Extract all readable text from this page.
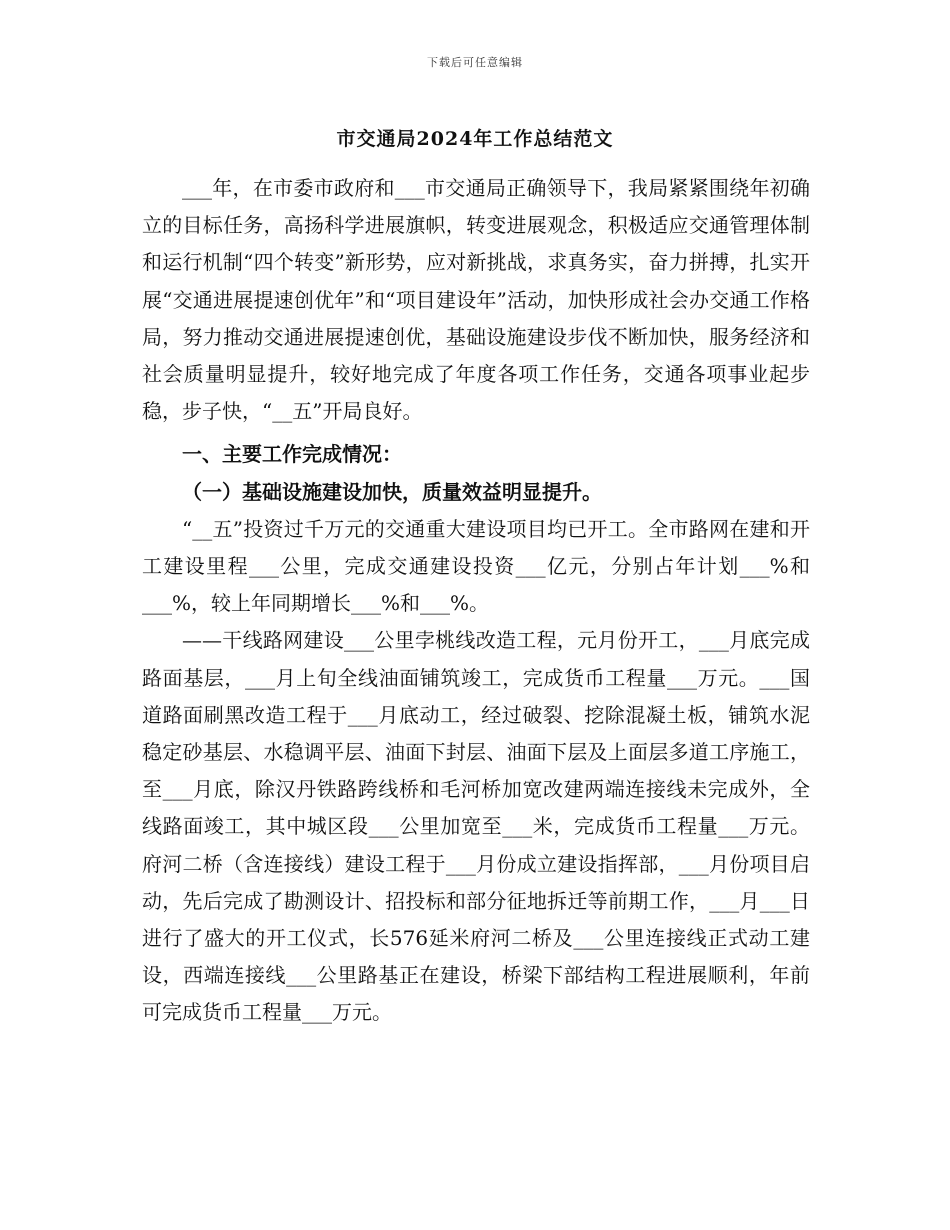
下载后可任意编辑
市交通局2024年工作总结范文

___年，在市委市政府和___市交通局正确领导下，我局紧紧围绕年初确立的目标任务，高扬科学进展旗帜，转变进展观念，积极适应交通管理体制和运行机制“四个转变”新形势，应对新挑战，求真务实，奋力拼搏，扎实开展“交通进展提速创优年”和“项目建设年”活动，加快形成社会办交通工作格局，努力推动交通进展提速创优，基础设施建设步伐不断加快，服务经济和社会质量明显提升，较好地完成了年度各项工作任务，交通各项事业起步稳，步子快，“__五”开局良好。

一、主要工作完成情况：

（一）基础设施建设加快，质量效益明显提升。

“__五”投资过千万元的交通重大建设项目均已开工。全市路网在建和开工建设里程___公里，完成交通建设投资___亿元，分别占年计划___%和___%，较上年同期增长___%和___%。

——干线路网建设___公里孛桃线改造工程，元月份开工，___月底完成路面基层，___月上旬全线油面铺筑竣工，完成货币工程量___万元。___国道路面刷黑改造工程于___月底动工，经过破裂、挖除混凝土板，铺筑水泥稳定砂基层、水稳调平层、油面下封层、油面下层及上面层多道工序施工，至___月底，除汉丹铁路跨线桥和毛河桥加宽改建两端连接线未完成外，全线路面竣工，其中城区段___公里加宽至___米，完成货币工程量___万元。府河二桥（含连接线）建设工程于___月份成立建设指挥部，___月份项目启动，先后完成了勘测设计、招投标和部分征地拆迁等前期工作，___月___日进行了盛大的开工仪式，长576延米府河二桥及___公里连接线正式动工建设，西端连接线___公里路基正在建设，桥梁下部结构工程进展顺利，年前可完成货币工程量___万元。
